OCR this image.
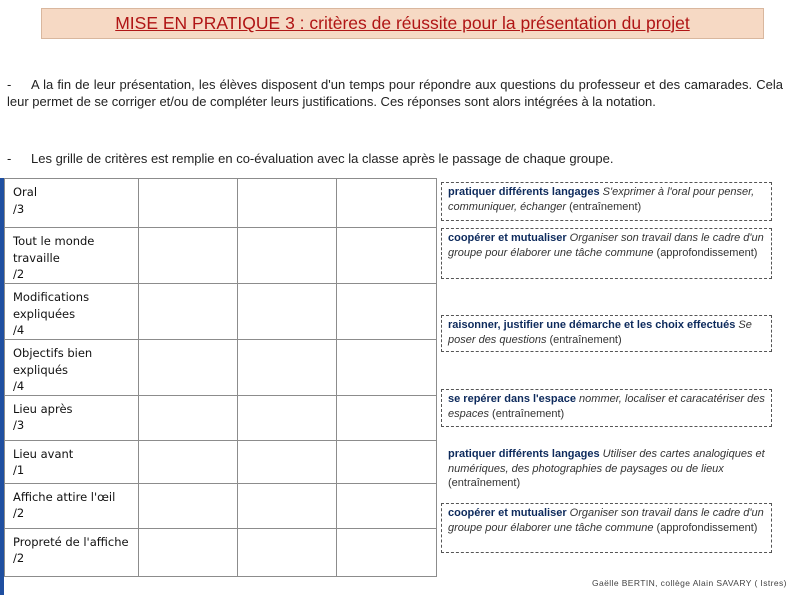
MISE EN PRATIQUE 3 : critères de réussite pour la présentation du projet
- A la fin de leur présentation, les élèves disposent d'un temps pour répondre aux questions du professeur et des camarades. Cela leur permet de se corriger et/ou de compléter leurs justifications. Ces réponses sont alors intégrées à la notation.
- Les grille de critères est remplie en co-évaluation avec la classe après le passage de chaque groupe.
Oral
/3			
Tout le monde
travaille
/2			
Modifications
expliquées
/4			
Objectifs bien
expliqués
/4			
Lieu après
/3			
Lieu avant
/1			
Affiche attire l'œil
/2			
Propreté de l'affiche
/2			
pratiquer différents langages S'exprimer à l'oral pour penser, communiquer, échanger (entraînement)
coopérer et mutualiser Organiser son travail dans le cadre d'un groupe pour élaborer une tâche commune (approfondissement)
raisonner, justifier une démarche et les choix effectués Se poser des questions (entraînement)
se repérer dans l'espace nommer, localiser et caracatériser des espaces (entraînement)
pratiquer différents langages Utiliser des cartes analogiques et numériques, des photographies de paysages ou de lieux (entraînement)
coopérer et mutualiser Organiser son travail dans le cadre d'un groupe pour élaborer une tâche commune (approfondissement)
Gaëlle BERTIN, collège Alain SAVARY ( Istres)
